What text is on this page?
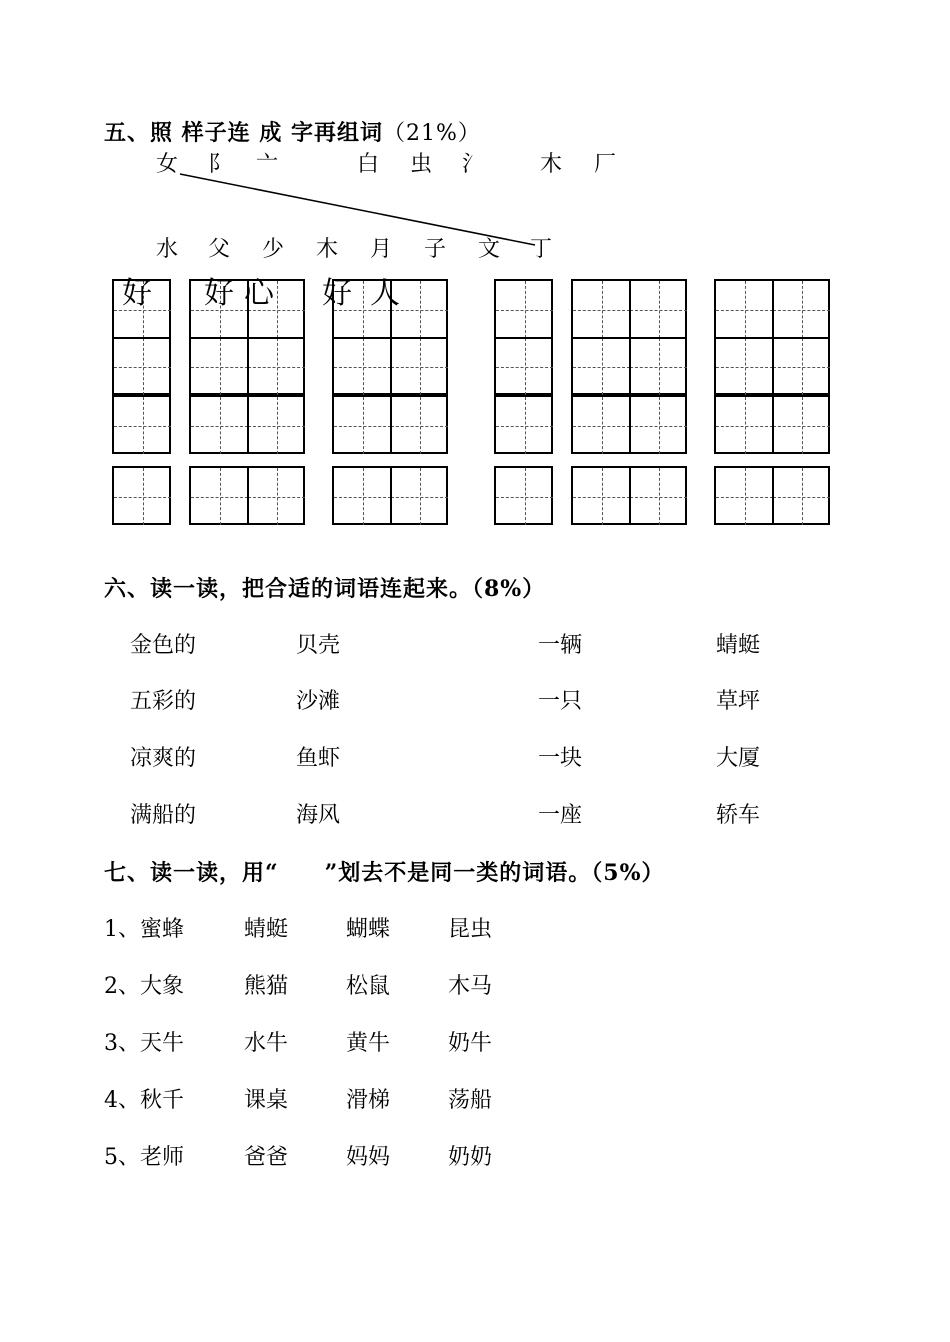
五、照 样子连 成 字再组词（21%）
女 阝 亠	白 虫 氵	木 厂
水 父 少 木 月 子 文 丁
好 好 心 好 人
六、读一读，把合适的词语连起来。（8%）
金色的	贝壳	一辆	蜻蜓
五彩的	沙滩	一只	草坪
凉爽的	鱼虾	一块	大厦
满船的	海风	一座	轿车
七、读一读，用“　　”划去不是同一类的词语。（5%）
1、蜜蜂	蜻蜓	蝴蝶	昆虫
2、大象	熊猫	松鼠	木马
3、天牛	水牛	黄牛	奶牛
4、秋千	课桌	滑梯	荡船
5、老师	爸爸	妈妈	奶奶
